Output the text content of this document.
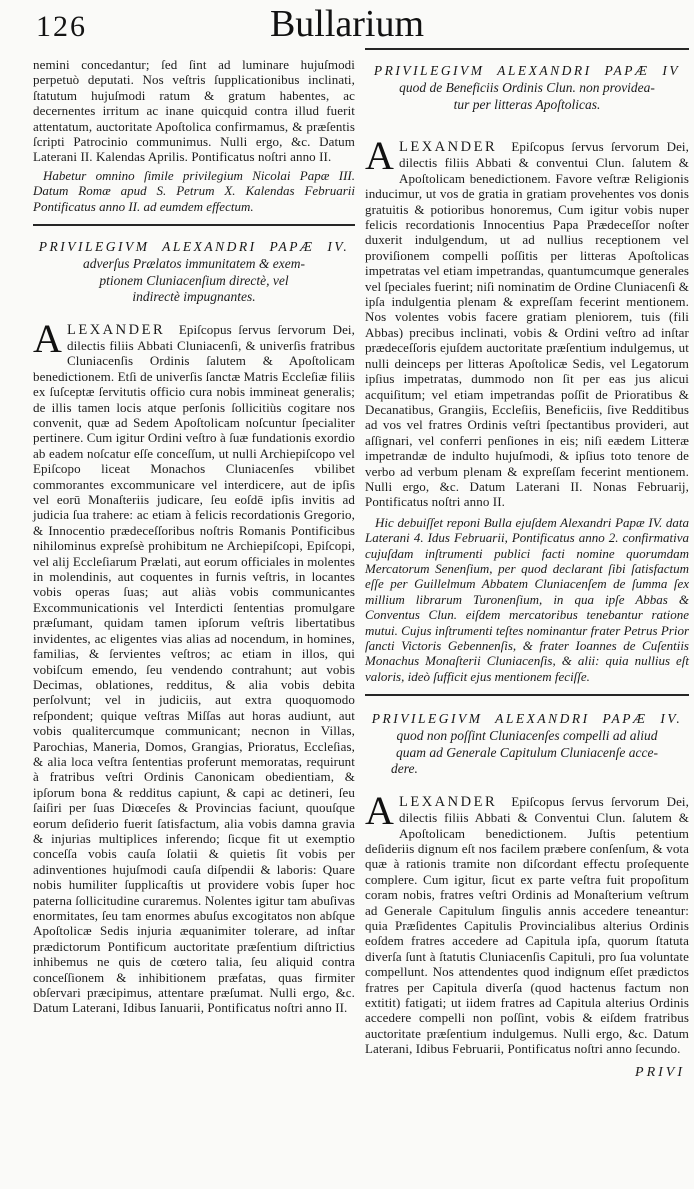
126	Bullarium

nemini concedantur; ſed ſint ad luminare hujuſmodi perpetuò deputati. Nos veſtris ſupplicationibus inclinati, ſtatutum hujuſmodi ratum & gratum habentes, ac decernentes irritum ac inane quicquid contra illud fuerit attentatum, auctoritate Apoſtolica confirmamus, & præſentis ſcripti Patrocinio communimus. Nulli ergo, &c. Datum Laterani II. Kalendas Aprilis. Pontificatus noſtri anno II.

Habetur omnino ſimile privilegium Nicolai Papæ III. Datum Romæ apud S. Petrum X. Kalendas Februarii Pontificatus anno II. ad eumdem effectum.

PRIVILEGIVM ALEXANDRI PAPÆ IV.
adverſus Prælatos immunitatem & exem-
ptionem Cluniacenſium directè, vel
indirectè impugnantes.

A LEXANDER Epiſcopus ſervus ſervorum Dei, dilectis filiis Abbati Cluniacenſi, & univerſis fratribus Cluniacenſis Ordinis ſalutem & Apoſtolicam benedictionem. Etſi de univerſis ſanctæ Matris Eccleſiæ filiis ex ſuſceptæ ſervitutis officio cura nobis immineat generalis; de illis tamen locis atque perſonis ſollicitiùs cogitare nos convenit, quæ ad Sedem Apoſtolicam noſcuntur ſpecialiter pertinere. Cum igitur Ordini veſtro à ſuæ fundationis exordio ab eadem noſcatur eſſe conceſſum, ut nulli Archiepiſcopo vel Epiſcopo liceat Monachos Cluniacenſes vbilibet commorantes excommunicare vel interdicere, aut de ipſis vel eorū Monaſteriis judicare, ſeu eoſdē ipſis invitis ad judicia ſua trahere: ac etiam à felicis recordationis Gregorio, & Innocentio prædeceſſoribus noſtris Romanis Pontificibus nihilominus expreſsè prohibitum ne Archiepiſcopi, Epiſcopi, vel alij Eccleſiarum Prælati, aut eorum officiales in molentes in molendinis, aut coquentes in furnis veſtris, in locantes vobis operas ſuas; aut aliàs vobis communicantes Excommunicationis vel Interdicti ſententias promulgare præſumant, quidam tamen ipſorum veſtris libertatibus invidentes, ac eligentes vias alias ad nocendum, in homines, familias, & ſervientes veſtros; ac etiam in illos, qui vobiſcum emendo, ſeu vendendo contrahunt; aut vobis Decimas, oblationes, redditus, & alia vobis debita perſolvunt; vel in judiciis, aut extra quoquomodo reſpondent; quique veſtras Miſſas aut horas audiunt, aut vobis qualitercumque communicant; necnon in Villas, Parochias, Maneria, Domos, Grangias, Prioratus, Eccleſias, & alia loca veſtra ſententias proferunt memoratas, requirunt à fratribus veſtri Ordinis Canonicam obedientiam, & ipſorum bona & redditus capiunt, & capi ac detineri, ſeu ſaiſiri per ſuas Diœceſes & Provincias faciunt, quouſque eorum deſiderio fuerit ſatisfactum, alia vobis damna gravia & injurias multiplices inferendo; ſicque fit ut exemptio conceſſa vobis cauſa ſolatii & quietis ſit vobis per adinventiones hujuſmodi cauſa diſpendii & laboris: Quare nobis humiliter ſupplicaſtis ut providere vobis ſuper hoc paterna ſollicitudine curaremus. Nolentes igitur tam abuſivas enormitates, ſeu tam enormes abuſus excogitatos non abſque Apoſtolicæ Sedis injuria æquanimiter tolerare, ad inſtar prædictorum Pontificum auctoritate præſentium diſtrictius inhibemus ne quis de cœtero talia, ſeu aliquid contra conceſſionem & inhibitionem præfatas, quas firmiter obſervari præcipimus, attentare præſumat. Nulli ergo, &c. Datum Laterani, Idibus Ianuarii, Pontificatus noſtri anno II.

PRIVILEGIVM ALEXANDRI PAPÆ IV
quod de Beneficiis Ordinis Clun. non providea-
tur per litteras Apoſtolicas.

A LEXANDER Epiſcopus ſervus ſervorum Dei, dilectis filiis Abbati & conventui Clun. ſalutem & Apoſtolicam benedictionem. Favore veſtræ Religionis inducimur, ut vos de gratia in gratiam provehentes vos donis gratuitis & potioribus honoremus, Cum igitur vobis nuper felicis recordationis Innocentius Papa Prædeceſſor noſter duxerit indulgendum, ut ad nullius receptionem vel proviſionem compelli poſſitis per litteras Apoſtolicas impetratas vel etiam impetrandas, quantumcumque generales vel ſpeciales fuerint; niſi nominatim de Ordine Cluniacenſi & ipſa indulgentia plenam & expreſſam fecerint mentionem. Nos volentes vobis facere gratiam pleniorem, tuis (fili Abbas) precibus inclinati, vobis & Ordini veſtro ad inſtar prædeceſſoris ejuſdem auctoritate præſentium indulgemus, ut nulli deinceps per litteras Apoſtolicæ Sedis, vel Legatorum ipſius impetratas, dummodo non ſit per eas jus alicui acquiſitum; vel etiam impetrandas poſſit de Prioratibus & Decanatibus, Grangiis, Eccleſiis, Beneficiis, ſive Redditibus ad vos vel fratres Ordinis veſtri ſpectantibus provideri, aut aſſignari, vel conferri penſiones in eis; niſi eædem Litteræ impetrandæ de indulto hujuſmodi, & ipſius toto tenore de verbo ad verbum plenam & expreſſam fecerint mentionem. Nulli ergo, &c. Datum Laterani II. Nonas Februarij, Pontificatus noſtri anno II.

Hic debuiſſet reponi Bulla ejuſdem Alexandri Papæ IV. data Laterani 4. Idus Februarii, Pontificatus anno 2. confirmativa cujuſdam inſtrumenti publici facti nomine quorumdam Mercatorum Senenſium, per quod declarant ſibi ſatisfactum eſſe per Guillelmum Abbatem Cluniacenſem de ſumma ſex millium librarum Turonenſium, in qua ipſe Abbas & Conventus Clun. eiſdem mercatoribus tenebantur ratione mutui. Cujus inſtrumenti teſtes nominantur frater Petrus Prior ſancti Victoris Gebennenſis, & frater Ioannes de Cuſentiis Monachus Monaſterii Cluniacenſis, & alii: quia nullius eſt valoris, ideò ſufficit ejus mentionem feciſſe.

PRIVILEGIVM ALEXANDRI PAPÆ IV.
quod non poſſint Cluniacenſes compelli ad aliud
quam ad Generale Capitulum Cluniacenſe acce-
dere.

A LEXANDER Epiſcopus ſervus ſervorum Dei, dilectis filiis Abbati & Conventui Clun. ſalutem & Apoſtolicam benedictionem. Juſtis petentium deſideriis dignum eſt nos facilem præbere conſenſum, & vota quæ à rationis tramite non diſcordant effectu proſequente complere. Cum igitur, ſicut ex parte veſtra fuit propoſitum coram nobis, fratres veſtri Ordinis ad Monaſterium veſtrum ad Generale Capitulum ſingulis annis accedere teneantur: quia Præſidentes Capitulis Provincialibus alterius Ordinis eoſdem fratres accedere ad Capitula ipſa, quorum ſtatuta diverſa ſunt à ſtatutis Cluniacenſis Capituli, pro ſua voluntate compellunt. Nos attendentes quod indignum eſſet prædictos fratres per Capitula diverſa (quod hactenus factum non extitit) fatigati; ut iidem fratres ad Capitula alterius Ordinis accedere compelli non poſſint, vobis & eiſdem fratribus auctoritate præſentium indulgemus. Nulli ergo, &c. Datum Laterani, Idibus Februarii, Pontificatus noſtri anno ſecundo.

PRIVI
